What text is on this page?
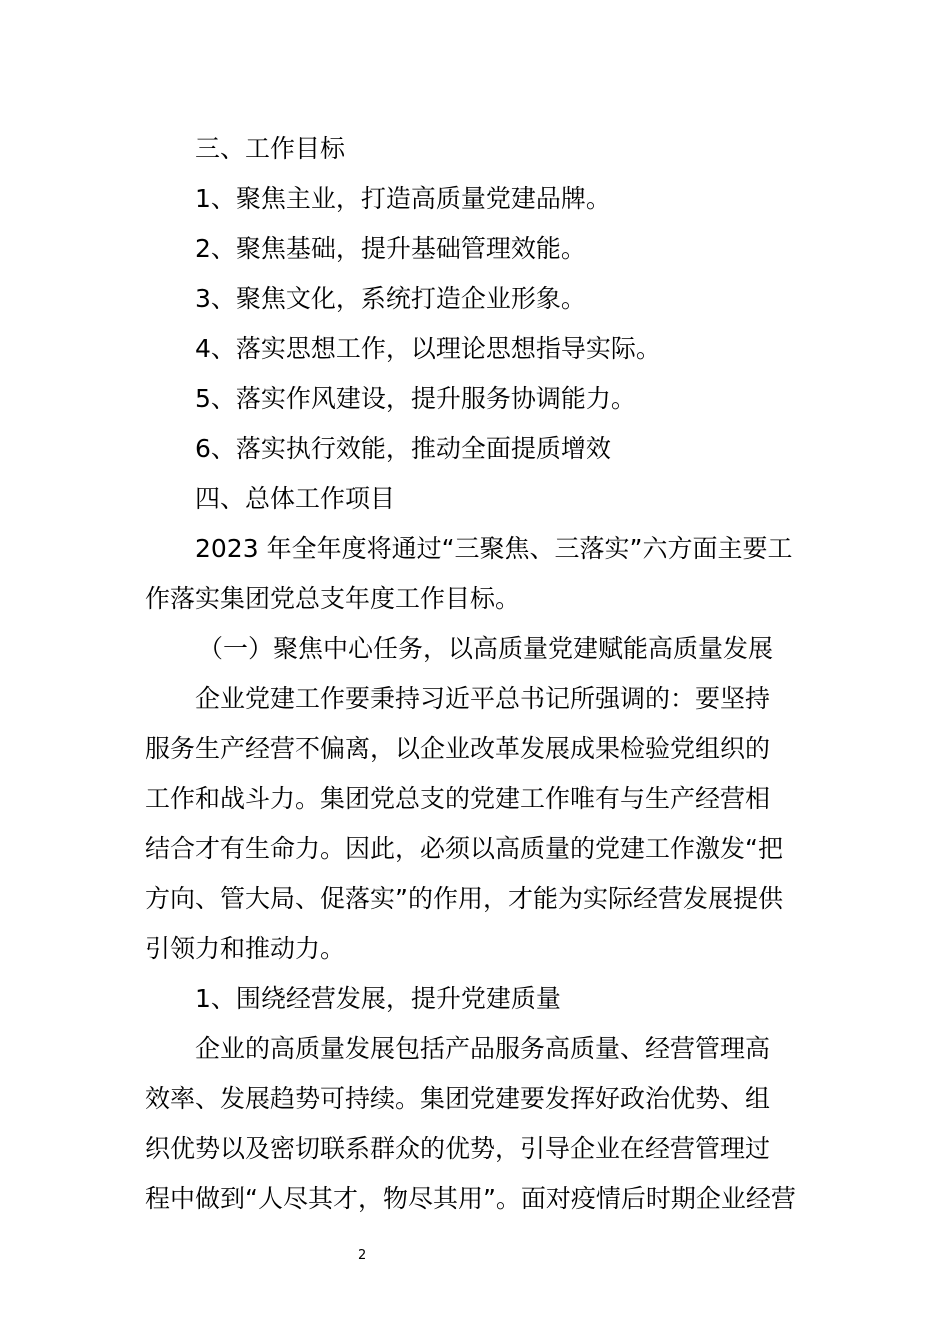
三、工作目标
1、聚焦主业，打造高质量党建品牌。
2、聚焦基础，提升基础管理效能。
3、聚焦文化，系统打造企业形象。
4、落实思想工作，以理论思想指导实际。
5、落实作风建设，提升服务协调能力。
6、落实执行效能，推动全面提质增效
四、总体工作项目
2023 年全年度将通过“三聚焦、三落实”六方面主要工
作落实集团党总支年度工作目标。
（一）聚焦中心任务，以高质量党建赋能高质量发展
企业党建工作要秉持习近平总书记所强调的：要坚持
服务生产经营不偏离，以企业改革发展成果检验党组织的
工作和战斗力。集团党总支的党建工作唯有与生产经营相
结合才有生命力。因此，必须以高质量的党建工作激发“把
方向、管大局、促落实”的作用，才能为实际经营发展提供
引领力和推动力。
1、围绕经营发展，提升党建质量
企业的高质量发展包括产品服务高质量、经营管理高
效率、发展趋势可持续。集团党建要发挥好政治优势、组
织优势以及密切联系群众的优势，引导企业在经营管理过
程中做到“人尽其才，物尽其用”。面对疫情后时期企业经营
2
